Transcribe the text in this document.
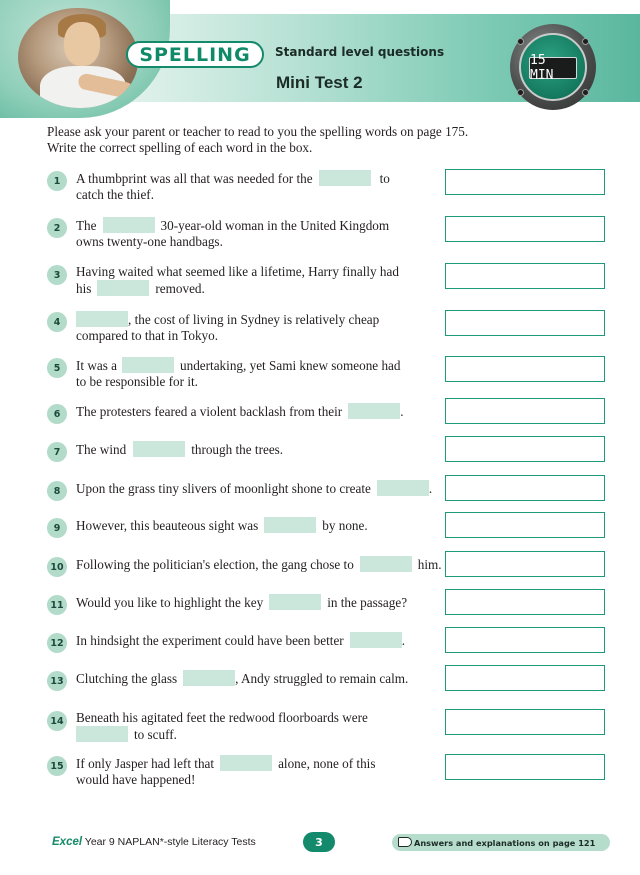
SPELLING Standard level questions
Mini Test 2
15 MIN
Please ask your parent or teacher to read to you the spelling words on page 175.
Write the correct spelling of each word in the box.
1	A thumbprint was all that was needed for the	to
catch the thief.
2	The	30-year-old woman in the United Kingdom
owns twenty-one handbags.
3	Having waited what seemed like a lifetime, Harry finally had
his	removed.
4	, the cost of living in Sydney is relatively cheap
compared to that in Tokyo.
5	It was a	undertaking, yet Sami knew someone had
to be responsible for it.
6	The protesters feared a violent backlash from their	.
7	The wind	through the trees.
8	Upon the grass tiny slivers of moonlight shone to create	.
9	However, this beauteous sight was	by none.
10 Following the politician's election, the gang chose to	him.
11 Would you like to highlight the key	in the passage?
12 In hindsight the experiment could have been better	.
13 Clutching the glass	, Andy struggled to remain calm.
14 Beneath his agitated feet the redwood floorboards were
to scuff.
15 If only Jasper had left that	alone, none of this
would have happened!
Excel Year 9 NAPLAN*-style Literacy Tests	3	Answers and explanations on page 121
